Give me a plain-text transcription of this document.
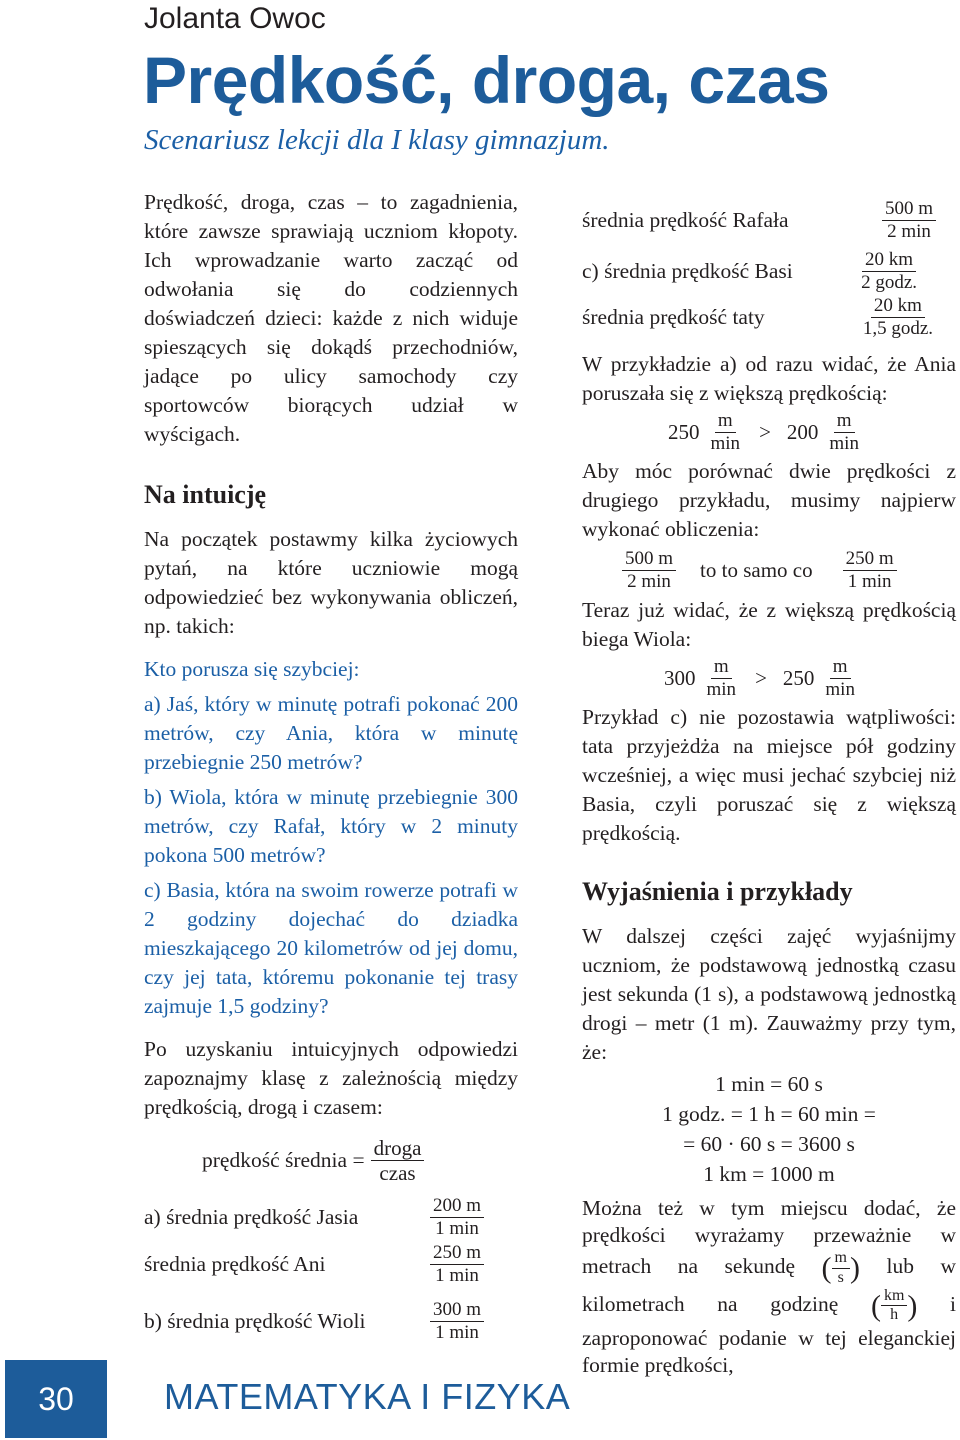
Jolanta Owoc
Prędkość, droga, czas
Scenariusz lekcji dla I klasy gimnazjum.

Prędkość, droga, czas – to zagadnienia, które zawsze sprawiają uczniom kłopoty. Ich wprowadzanie warto zacząć od odwołania się do codziennych doświadczeń dzieci: każde z nich widuje spieszących się dokądś przechodniów, jadące po ulicy samochody czy sportowców biorących udział w wyścigach.

Na intuicję

Na początek postawmy kilka życiowych pytań, na które uczniowie mogą odpowiedzieć bez wykonywania obliczeń, np. takich:

Kto porusza się szybciej:

a) Jaś, który w minutę potrafi pokonać 200 metrów, czy Ania, która w minutę przebiegnie 250 metrów?

b) Wiola, która w minutę przebiegnie 300 metrów, czy Rafał, który w 2 minuty pokona 500 metrów?

c) Basia, która na swoim rowerze potrafi w 2 godziny dojechać do dziadka mieszkającego 20 kilometrów od jej domu, czy jej tata, któremu pokonanie tej trasy zajmuje 1,5 godziny?

Po uzyskaniu intuicyjnych odpowiedzi zapoznajmy klasę z zależnością między prędkością, drogą i czasem:

prędkość średnia = $\frac{\text{droga}}{\text{czas}}$
a) średnia prędkość Jasia	$\frac{200 m}{1 \min}$
średnia prędkość Ani	$\frac{250 m}{1 \min}$
b) średnia prędkość Wioli	$\frac{300 m}{1 \min}$
średnia prędkość Rafała	$\frac{500 m}{2 \min}$
c) średnia prędkość Basi	$\frac{20 km}{\text{2 godz.}}$
średnia prędkość taty	$\frac{20 km}{\text{1,5 godz.}}$

W przykładzie a) od razu widać, że Ania poruszała się z większą prędkością:

$250 \frac{m}{\min} > 200 \frac{m}{\min}$

Aby móc porównać dwie prędkości z drugiego przykładu, musimy najpierw wykonać obliczenia:

$\frac{500 m}{2 \min}$ to to samo co $\frac{250 m}{1 \min}$

Teraz już widać, że z większą prędkością biega Wiola:

$300 \frac{m}{\min} > 250 \frac{m}{\min}$

Przykład c) nie pozostawia wątpliwości: tata przyjeżdża na miejsce pół godziny wcześniej, a więc musi jechać szybciej niż Basia, czyli poruszać się z większą prędkością.

Wyjaśnienia i przykłady

W dalszej części zajęć wyjaśnijmy uczniom, że podstawową jednostką czasu jest sekunda (1 s), a podstawową jednostką drogi – metr (1 m). Zauważmy przy tym, że:

1 min = 60 s
1 godz. = 1 h = 60 min =
= 60 · 60 s = 3600 s
1 km = 1000 m

Można też w tym miejscu dodać, że prędkości wyrażamy przeważnie w metrach na sekundę ( $\frac{m}{s}$ ) lub w kilometrach na godzinę ( $\frac{km}{h}$ ) i zaproponować podanie w tej eleganckiej formie prędkości,

30	MATEMATYKA I FIZYKA
